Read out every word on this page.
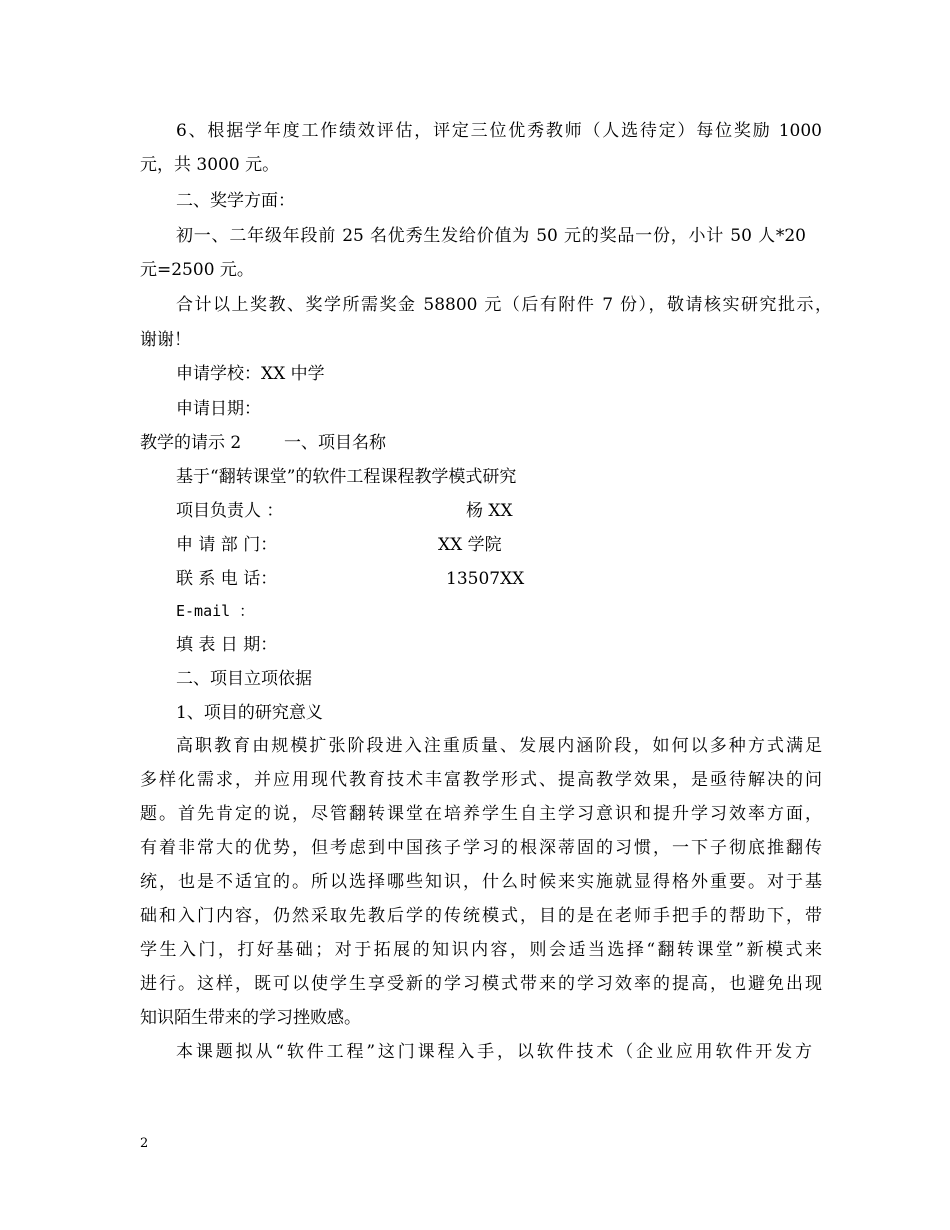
6、根据学年度工作绩效评估，评定三位优秀教师（人选待定）每位奖励 1000
元，共 3000 元。
二、奖学方面：
初一、二年级年段前 25 名优秀生发给价值为 50 元的奖品一份，小计 50 人*20
元=2500 元。
合计以上奖教、奖学所需奖金 58800 元（后有附件 7 份），敬请核实研究批示，
谢谢！
申请学校：XX 中学
申请日期：
教学的请示 2	一、项目名称
基于“翻转课堂”的软件工程课程教学模式研究
项目负责人 ：	杨 XX
申 请 部 门：	XX 学院
联 系 电 话：	13507XX
E-mail ：
填 表 日 期：
二、项目立项依据
1、项目的研究意义
高职教育由规模扩张阶段进入注重质量、发展内涵阶段，如何以多种方式满足
多样化需求，并应用现代教育技术丰富教学形式、提高教学效果，是亟待解决的问
题。首先肯定的说，尽管翻转课堂在培养学生自主学习意识和提升学习效率方面，
有着非常大的优势，但考虑到中国孩子学习的根深蒂固的习惯，一下子彻底推翻传
统，也是不适宜的。所以选择哪些知识，什么时候来实施就显得格外重要。对于基
础和入门内容，仍然采取先教后学的传统模式，目的是在老师手把手的帮助下，带
学生入门，打好基础；对于拓展的知识内容，则会适当选择“翻转课堂”新模式来
进行。这样，既可以使学生享受新的学习模式带来的学习效率的提高，也避免出现
知识陌生带来的学习挫败感。
本课题拟从“软件工程”这门课程入手，以软件技术（企业应用软件开发方
2
